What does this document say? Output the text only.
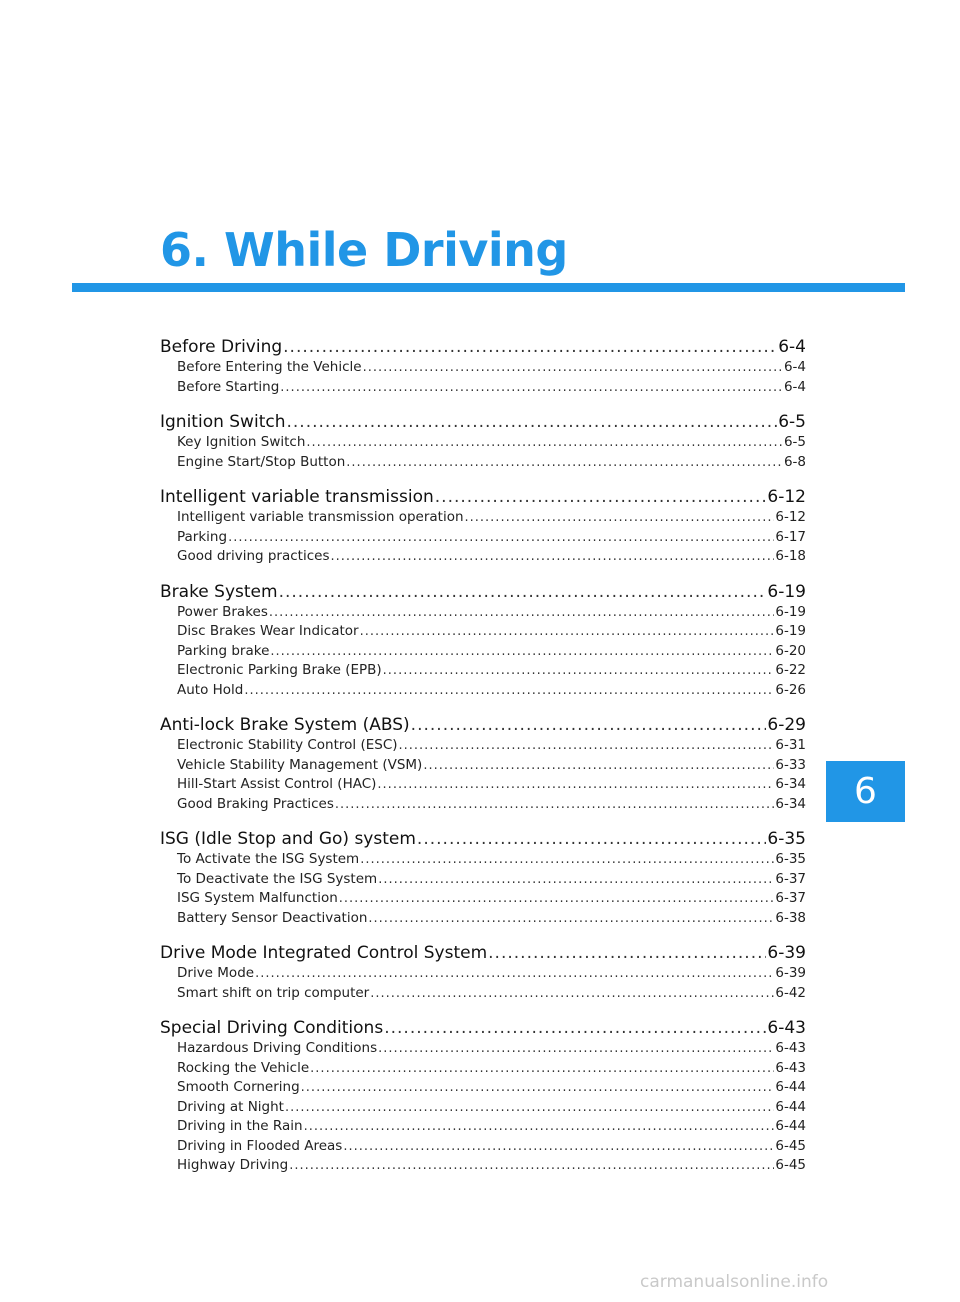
6. While Driving
Before Driving .....	6-4
Before Entering the Vehicle .....	6-4
Before Starting .....	6-4
Ignition Switch .....	6-5
Key Ignition Switch .....	6-5
Engine Start/Stop Button .....	6-8
Intelligent variable transmission .....	6-12
Intelligent variable transmission operation .....	6-12
Parking .....	6-17
Good driving practices .....	6-18
Brake System .....	6-19
Power Brakes .....	6-19
Disc Brakes Wear Indicator .....	6-19
Parking brake .....	6-20
Electronic Parking Brake (EPB) .....	6-22
Auto Hold .....	6-26
Anti-lock Brake System (ABS) .....	6-29
Electronic Stability Control (ESC) .....	6-31
Vehicle Stability Management (VSM) .....	6-33
Hill-Start Assist Control (HAC) .....	6-34
Good Braking Practices .....	6-34
ISG (Idle Stop and Go) system .....	6-35
To Activate the ISG System .....	6-35
To Deactivate the ISG System .....	6-37
ISG System Malfunction .....	6-37
Battery Sensor Deactivation .....	6-38
Drive Mode Integrated Control System .....	6-39
Drive Mode .....	6-39
Smart shift on trip computer .....	6-42
Special Driving Conditions .....	6-43
Hazardous Driving Conditions .....	6-43
Rocking the Vehicle .....	6-43
Smooth Cornering .....	6-44
Driving at Night .....	6-44
Driving in the Rain .....	6-44
Driving in Flooded Areas .....	6-45
Highway Driving .....	6-45
6
carmanualsonline.info
